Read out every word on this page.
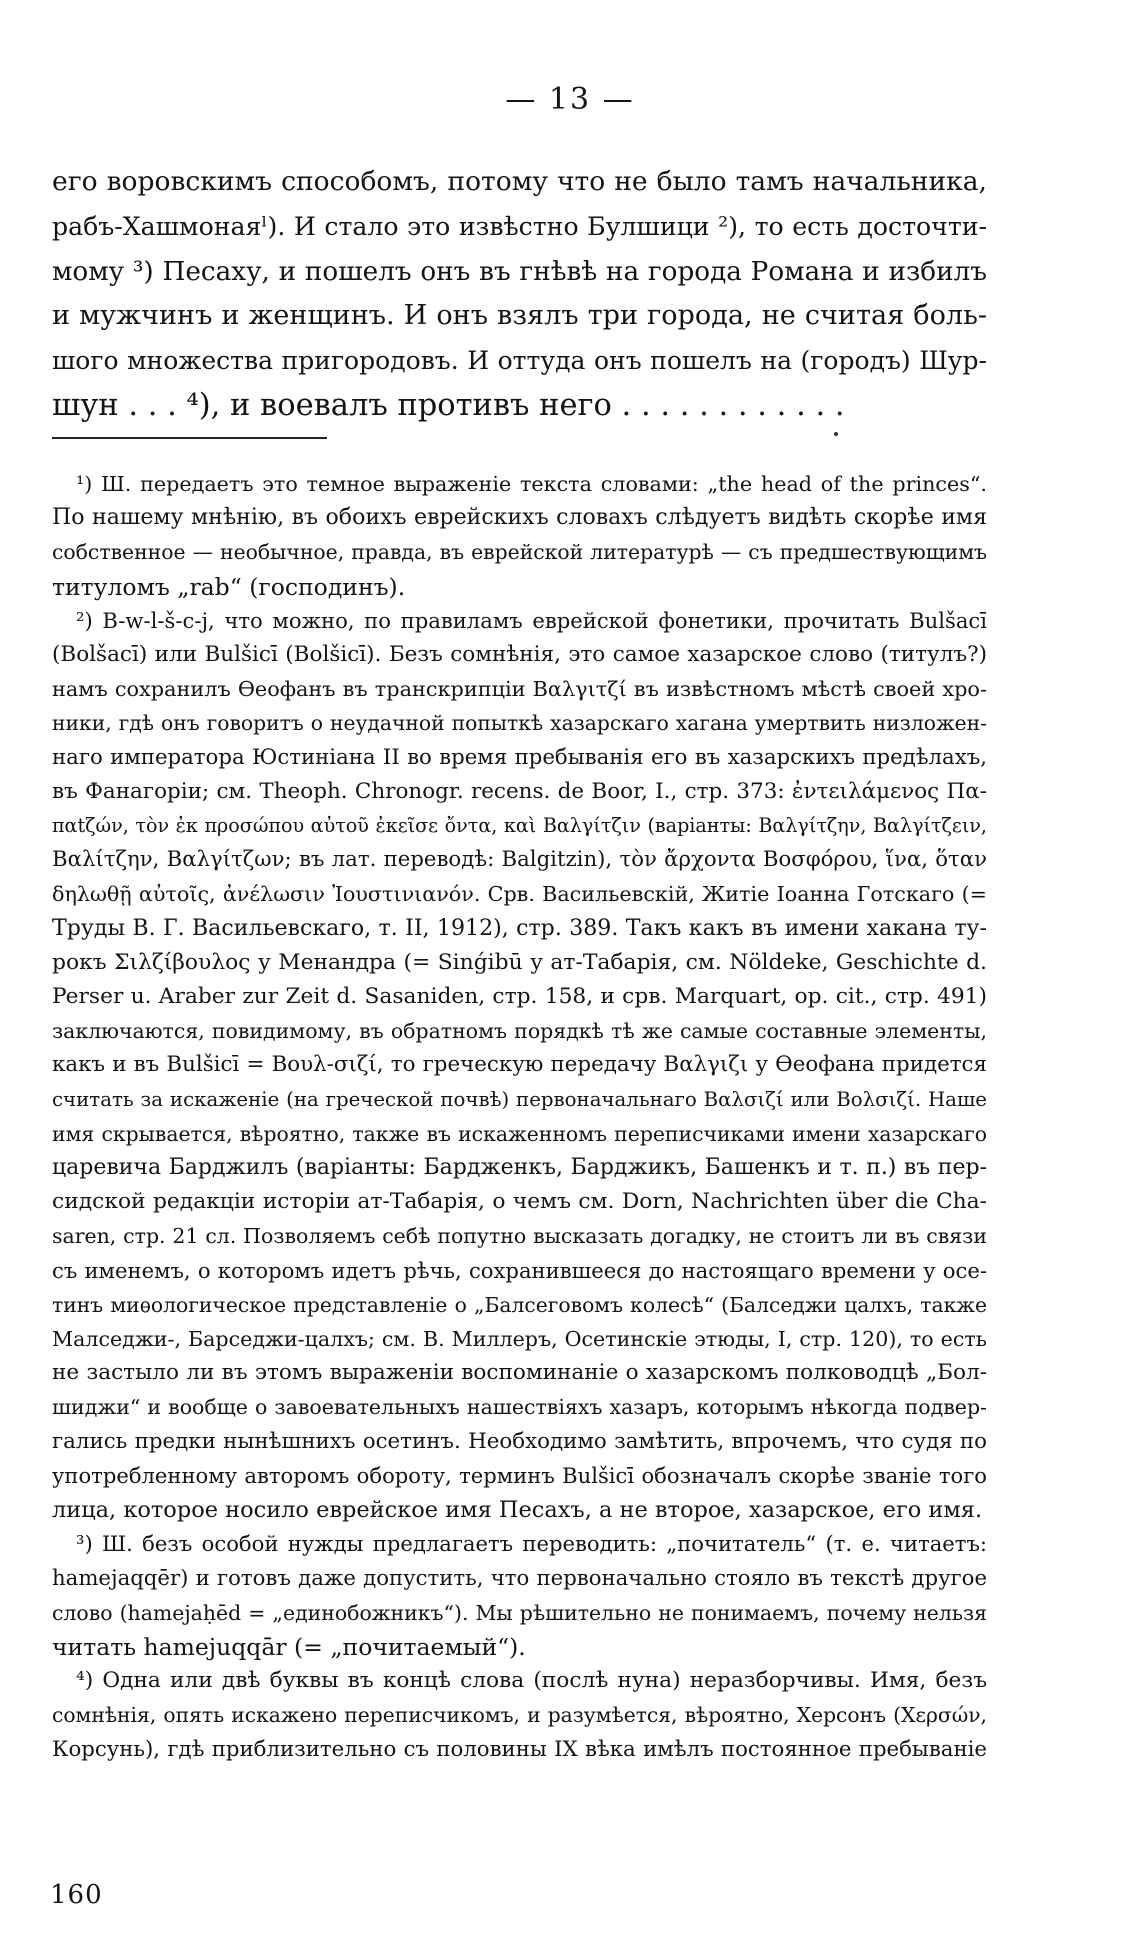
— 13 —
его воровскимъ способомъ, потому что не было тамъ начальника,
рабъ-Хашмонаяˡ). И стало это извѣстно Булшици ²), то есть досточти-
мому ³) Песаху, и пошелъ онъ въ гнѣвѣ на города Романа и избилъ
и мужчинъ и женщинъ. И онъ взялъ три города, не считая боль-
шого множества пригородовъ. И оттуда онъ пошелъ на (городъ) Шур-
шун . . . ⁴), и воевалъ противъ него . . . . . . . . . . . .
¹) Ш. передаетъ это темное выраженіе текста словами: „the head of the princes“.
По нашему мнѣнію, въ обоихъ еврейскихъ словахъ слѣдуетъ видѣть скорѣе имя
собственное — необычное, правда, въ еврейской литературѣ — съ предшествующимъ
титуломъ „rab“ (господинъ).
²) B-w-l-š-c-j, что можно, по правиламъ еврейской фонетики, прочитать Bulšacī
(Bolšacī) или Bulšicī (Bolšicī). Безъ сомнѣнія, это самое хазарское слово (титулъ?)
намъ сохранилъ Ѳеофанъ въ транскрипціи Βαλγιτζί въ извѣстномъ мѣстѣ своей хро-
ники, гдѣ онъ говоритъ о неудачной попыткѣ хазарскаго хагана умертвить низложен-
наго императора Юстиніана II во время пребыванія его въ хазарскихъ предѣлахъ,
въ Фанагоріи; см. Theoph. Chronogr. recens. de Boor, I., стр. 373: ἐντειλάμενος Πα-
παtζών, τὸν ἐκ προσώπου αὐτοῦ ἐκεῖσε ὄντα, καὶ Βαλγίτζιν (варіанты: Βαλγίτζην, Βαλγίτζειν,
Βαλίτζην, Βαλγίτζων; въ лат. переводѣ: Balgitzin), τὸν ἄρχοντα Βοσφόρου, ἵνα, ὅταν
δηλωθῇ αὐτοῖς, ἀνέλωσιν Ἰουστινιανόν. Срв. Васильевскій, Житіе Іоанна Готскаго (=
Труды В. Г. Васильевскаго, т. II, 1912), стр. 389. Такъ какъ въ имени хакана ту-
рокъ Σιλζίβουλος у Менандра (= Sinǵibū у ат-Табарія, см. Nöldeke, Geschichte d.
Perser u. Araber zur Zeit d. Sasaniden, стр. 158, и срв. Marquart, op. cit., стр. 491)
заключаются, повидимому, въ обратномъ порядкѣ тѣ же самые составные элементы,
какъ и въ Bulšicī = Βουλ-σιζί, то греческую передачу Βαλγιζι у Ѳеофана придется
считать за искаженіе (на греческой почвѣ) первоначальнаго Βαλσιζί или Βολσιζί. Наше
имя скрывается, вѣроятно, также въ искаженномъ переписчиками имени хазарскаго
царевича Барджилъ (варіанты: Бардженкъ, Барджикъ, Башенкъ и т. п.) въ пер-
сидской редакціи исторіи ат-Табарія, о чемъ см. Dorn, Nachrichten über die Cha-
saren, стр. 21 сл. Позволяемъ себѣ попутно высказать догадку, не стоитъ ли въ связи
съ именемъ, о которомъ идетъ рѣчь, сохранившееся до настоящаго времени у осе-
тинъ миѳологическое представленіе о „Балсеговомъ колесѣ“ (Балседжи цалхъ, также
Малседжи-, Барседжи-цалхъ; см. В. Миллеръ, Осетинскіе этюды, I, стр. 120), то есть
не застыло ли въ этомъ выраженіи воспоминаніе о хазарскомъ полководцѣ „Бол-
шиджи“ и вообще о завоевательныхъ нашествіяхъ хазаръ, которымъ нѣкогда подвер-
гались предки нынѣшнихъ осетинъ. Необходимо замѣтить, впрочемъ, что судя по
употребленному авторомъ обороту, терминъ Bulšicī обозначалъ скорѣе званіе того
лица, которое носило еврейское имя Песахъ, а не второе, хазарское, его имя.
³) Ш. безъ особой нужды предлагаетъ переводить: „почитатель“ (т. е. читаетъ:
hamejaqqēr) и готовъ даже допустить, что первоначально стояло въ текстѣ другое
слово (hamejaḥēd = „единобожникъ“). Мы рѣшительно не понимаемъ, почему нельзя
читать hamejuqqār (= „почитаемый“).
⁴) Одна или двѣ буквы въ концѣ слова (послѣ нуна) неразборчивы. Имя, безъ
сомнѣнія, опять искажено переписчикомъ, и разумѣется, вѣроятно, Херсонъ (Χερσών,
Корсунь), гдѣ приблизительно съ половины IX вѣка имѣлъ постоянное пребываніе
160
